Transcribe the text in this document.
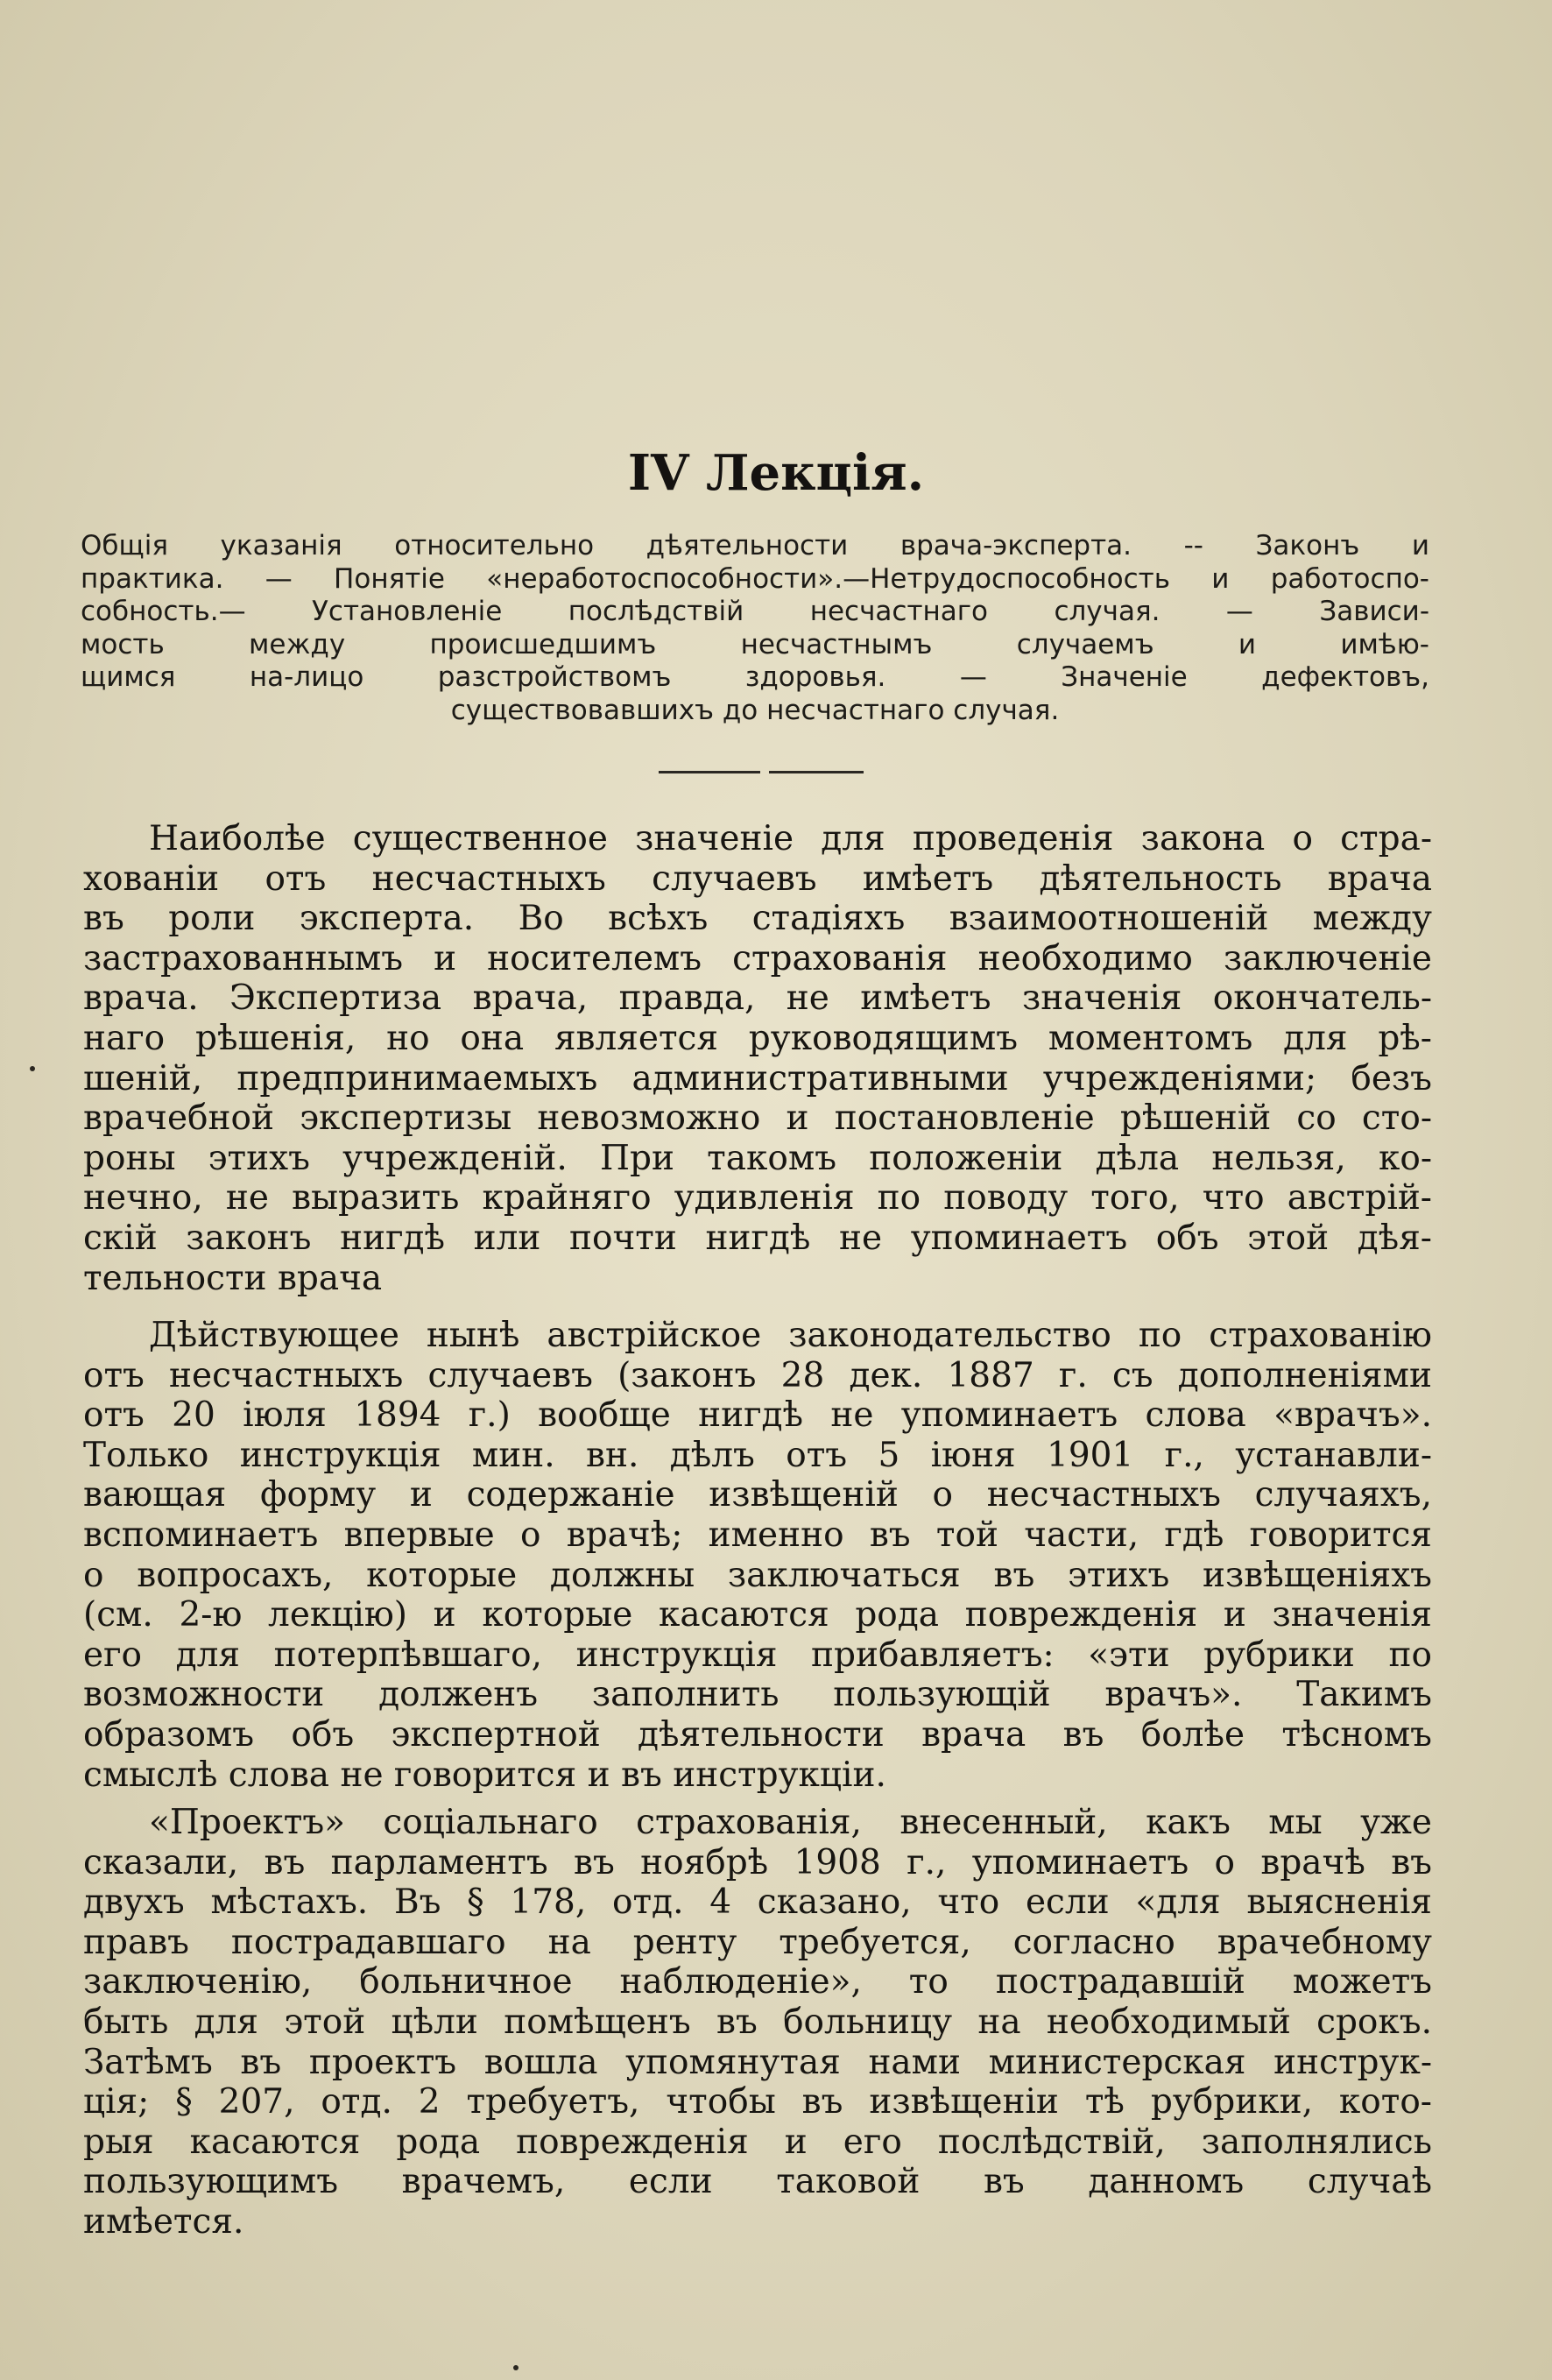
IV Лекція.
Общія указанія относительно дѣятельности врача-эксперта. -- Законъ и
практика. — Понятіе «неработоспособности».—Нетрудоспособность и работоспо-
собность.— Установленіе послѣдствій несчастнаго случая. — Зависи-
мость между происшедшимъ несчастнымъ случаемъ и имѣю-
щимся на-лицо разстройствомъ здоровья. — Значеніе дефектовъ,
существовавшихъ до несчастнаго случая.

Наиболѣе существенное значеніе для проведенія закона о стра-
хованіи отъ несчастныхъ случаевъ имѣетъ дѣятельность врача
въ роли эксперта. Во всѣхъ стадіяхъ взаимоотношеній между
застрахованнымъ и носителемъ страхованія необходимо заключеніе
врача. Экспертиза врача, правда, не имѣетъ значенія окончатель-
наго рѣшенія, но она является руководящимъ моментомъ для рѣ-
шеній, предпринимаемыхъ административными учрежденіями; безъ
врачебной экспертизы невозможно и постановленіе рѣшеній со сто-
роны этихъ учрежденій. При такомъ положеніи дѣла нельзя, ко-
нечно, не выразить крайняго удивленія по поводу того, что австрій-
скій законъ нигдѣ или почти нигдѣ не упоминаетъ объ этой дѣя-
тельности врача

Дѣйствующее нынѣ австрійское законодательство по страхованію
отъ несчастныхъ случаевъ (законъ 28 дек. 1887 г. съ дополненіями
отъ 20 іюля 1894 г.) вообще нигдѣ не упоминаетъ слова «врачъ».
Только инструкція мин. вн. дѣлъ отъ 5 іюня 1901 г., устанавли-
вающая форму и содержаніе извѣщеній о несчастныхъ случаяхъ,
вспоминаетъ впервые о врачѣ; именно въ той части, гдѣ говорится
о вопросахъ, которые должны заключаться въ этихъ извѣщеніяхъ
(см. 2-ю лекцію) и которые касаются рода поврежденія и значенія
его для потерпѣвшаго, инструкція прибавляетъ: «эти рубрики по
возможности долженъ заполнить пользующій врачъ». Такимъ
образомъ объ экспертной дѣятельности врача въ болѣе тѣсномъ
смыслѣ слова не говорится и въ инструкціи.

«Проектъ» соціальнаго страхованія, внесенный, какъ мы уже
сказали, въ парламентъ въ ноябрѣ 1908 г., упоминаетъ о врачѣ въ
двухъ мѣстахъ. Въ § 178, отд. 4 сказано, что если «для выясненія
правъ пострадавшаго на ренту требуется, согласно врачебному
заключенію, больничное наблюденіе», то пострадавшій можетъ
быть для этой цѣли помѣщенъ въ больницу на необходимый срокъ.
Затѣмъ въ проектъ вошла упомянутая нами министерская инструк-
ція; § 207, отд. 2 требуетъ, чтобы въ извѣщеніи тѣ рубрики, кото-
рыя касаются рода поврежденія и его послѣдствій, заполнялись
пользующимъ врачемъ, если таковой въ данномъ случаѣ
имѣется.
